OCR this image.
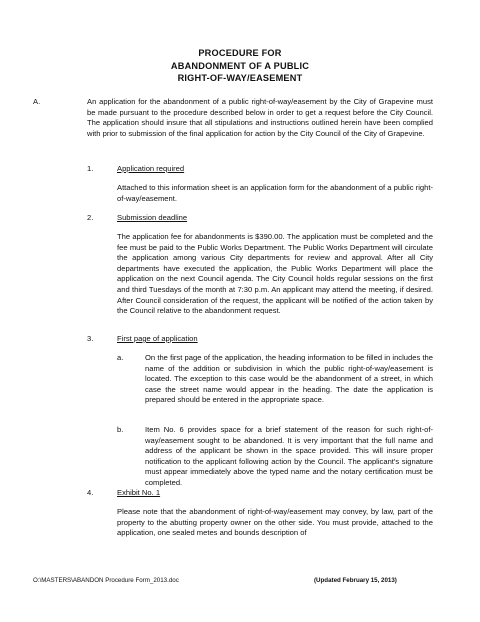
PROCEDURE FOR
ABANDONMENT OF A PUBLIC
RIGHT-OF-WAY/EASEMENT
A.	An application for the abandonment of a public right-of-way/easement by the City of Grapevine must be made pursuant to the procedure described below in order to get a request before the City Council. The application should insure that all stipulations and instructions outlined herein have been complied with prior to submission of the final application for action by the City Council of the City of Grapevine.
1.	Application required
Attached to this information sheet is an application form for the abandonment of a public right-of-way/easement.
2.	Submission deadline
The application fee for abandonments is $390.00. The application must be completed and the fee must be paid to the Public Works Department. The Public Works Department will circulate the application among various City departments for review and approval. After all City departments have executed the application, the Public Works Department will place the application on the next Council agenda. The City Council holds regular sessions on the first and third Tuesdays of the month at 7:30 p.m. An applicant may attend the meeting, if desired. After Council consideration of the request, the applicant will be notified of the action taken by the Council relative to the abandonment request.
3.	First page of application
a.	On the first page of the application, the heading information to be filled in includes the name of the addition or subdivision in which the public right-of-way/easement is located. The exception to this case would be the abandonment of a street, in which case the street name would appear in the heading. The date the application is prepared should be entered in the appropriate space.
b.	Item No. 6 provides space for a brief statement of the reason for such right-of-way/easement sought to be abandoned. It is very important that the full name and address of the applicant be shown in the space provided. This will insure proper notification to the applicant following action by the Council. The applicant's signature must appear immediately above the typed name and the notary certification must be completed.
4.	Exhibit No. 1
Please note that the abandonment of right-of-way/easement may convey, by law, part of the property to the abutting property owner on the other side. You must provide, attached to the application, one sealed metes and bounds description of
O:\MASTERS\ABANDON Procedure Form_2013.doc	(Updated February 15, 2013)
